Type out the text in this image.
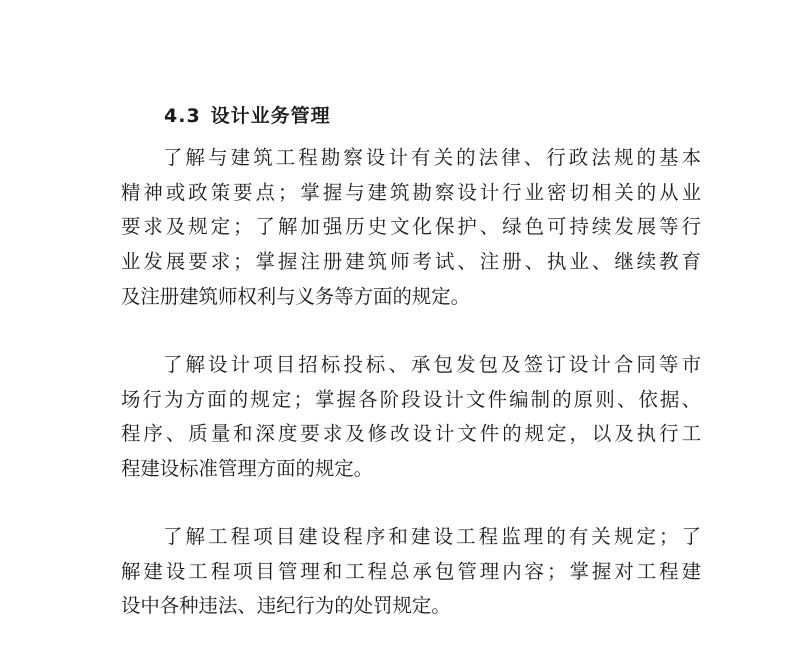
4.3 设计业务管理
了解与建筑工程勘察设计有关的法律、行政法规的基本
精神或政策要点；掌握与建筑勘察设计行业密切相关的从业
要求及规定；了解加强历史文化保护、绿色可持续发展等行
业发展要求；掌握注册建筑师考试、注册、执业、继续教育
及注册建筑师权利与义务等方面的规定。
了解设计项目招标投标、承包发包及签订设计合同等市
场行为方面的规定；掌握各阶段设计文件编制的原则、依据、
程序、质量和深度要求及修改设计文件的规定，以及执行工
程建设标准管理方面的规定。
了解工程项目建设程序和建设工程监理的有关规定；了
解建设工程项目管理和工程总承包管理内容；掌握对工程建
设中各种违法、违纪行为的处罚规定。
